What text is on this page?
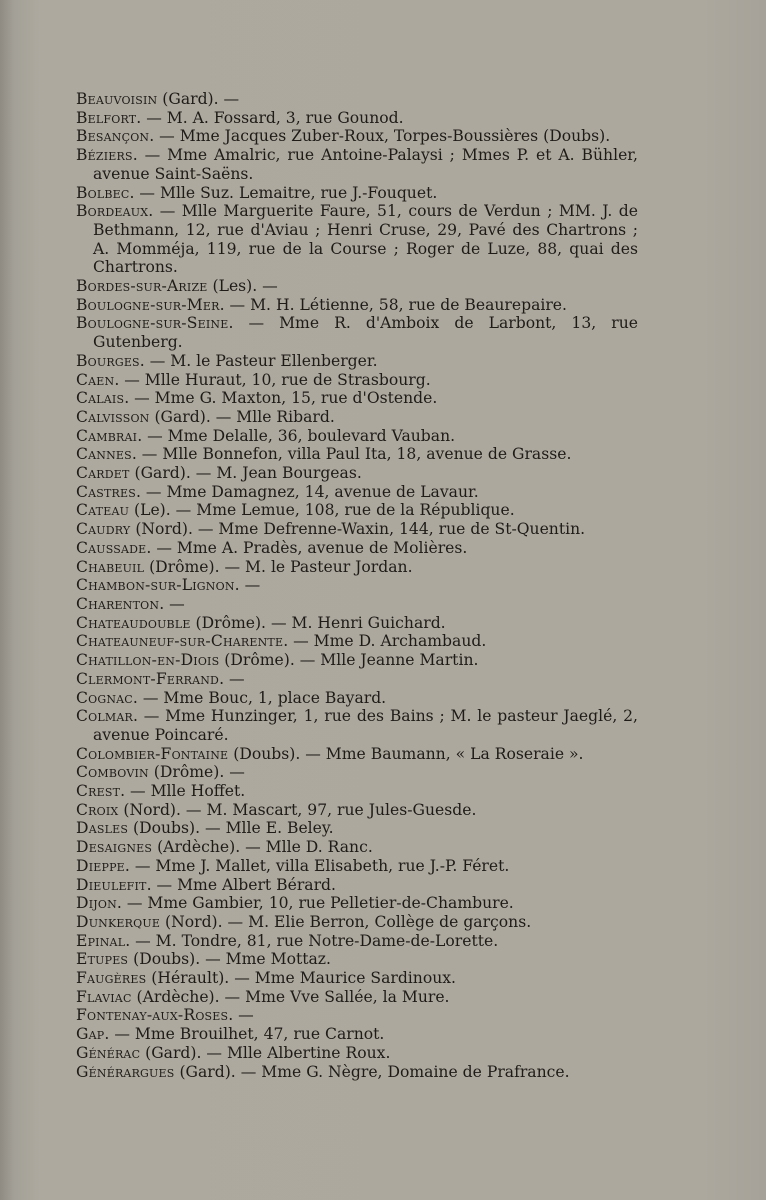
Beauvoisin (Gard). —

Belfort. — M. A. Fossard, 3, rue Gounod.

Besançon. — Mme Jacques Zuber-Roux, Torpes-Boussières (Doubs).

Béziers. — Mme Amalric, rue Antoine-Palaysi ; Mmes P. et A. Bühler, avenue Saint-Saëns.

Bolbec. — Mlle Suz. Lemaitre, rue J.-Fouquet.

Bordeaux. — Mlle Marguerite Faure, 51, cours de Verdun ; MM. J. de Bethmann, 12, rue d'Aviau ; Henri Cruse, 29, Pavé des Chartrons ; A. Momméja, 119, rue de la Course ; Roger de Luze, 88, quai des Chartrons.

Bordes-sur-Arize (Les). —

Boulogne-sur-Mer. — M. H. Létienne, 58, rue de Beaurepaire.

Boulogne-sur-Seine. — Mme R. d'Amboix de Larbont, 13, rue Gutenberg.

Bourges. — M. le Pasteur Ellenberger.

Caen. — Mlle Huraut, 10, rue de Strasbourg.

Calais. — Mme G. Maxton, 15, rue d'Ostende.

Calvisson (Gard). — Mlle Ribard.

Cambrai. — Mme Delalle, 36, boulevard Vauban.

Cannes. — Mlle Bonnefon, villa Paul Ita, 18, avenue de Grasse.

Cardet (Gard). — M. Jean Bourgeas.

Castres. — Mme Damagnez, 14, avenue de Lavaur.

Cateau (Le). — Mme Lemue, 108, rue de la République.

Caudry (Nord). — Mme Defrenne-Waxin, 144, rue de St-Quentin.

Caussade. — Mme A. Pradès, avenue de Molières.

Chabeuil (Drôme). — M. le Pasteur Jordan.

Chambon-sur-Lignon. —

Charenton. —

Chateaudouble (Drôme). — M. Henri Guichard.

Chateauneuf-sur-Charente. — Mme D. Archambaud.

Chatillon-en-Diois (Drôme). — Mlle Jeanne Martin.

Clermont-Ferrand. —

Cognac. — Mme Bouc, 1, place Bayard.

Colmar. — Mme Hunzinger, 1, rue des Bains ; M. le pasteur Jaeglé, 2, avenue Poincaré.

Colombier-Fontaine (Doubs). — Mme Baumann, « La Roseraie ».

Combovin (Drôme). —

Crest. — Mlle Hoffet.

Croix (Nord). — M. Mascart, 97, rue Jules-Guesde.

Dasles (Doubs). — Mlle E. Beley.

Desaignes (Ardèche). — Mlle D. Ranc.

Dieppe. — Mme J. Mallet, villa Elisabeth, rue J.-P. Féret.

Dieulefit. — Mme Albert Bérard.

Dijon. — Mme Gambier, 10, rue Pelletier-de-Chambure.

Dunkerque (Nord). — M. Elie Berron, Collège de garçons.

Epinal. — M. Tondre, 81, rue Notre-Dame-de-Lorette.

Etupes (Doubs). — Mme Mottaz.

Faugères (Hérault). — Mme Maurice Sardinoux.

Flaviac (Ardèche). — Mme Vve Sallée, la Mure.

Fontenay-aux-Roses. —

Gap. — Mme Brouilhet, 47, rue Carnot.

Générac (Gard). — Mlle Albertine Roux.

Générargues (Gard). — Mme G. Nègre, Domaine de Prafrance.
